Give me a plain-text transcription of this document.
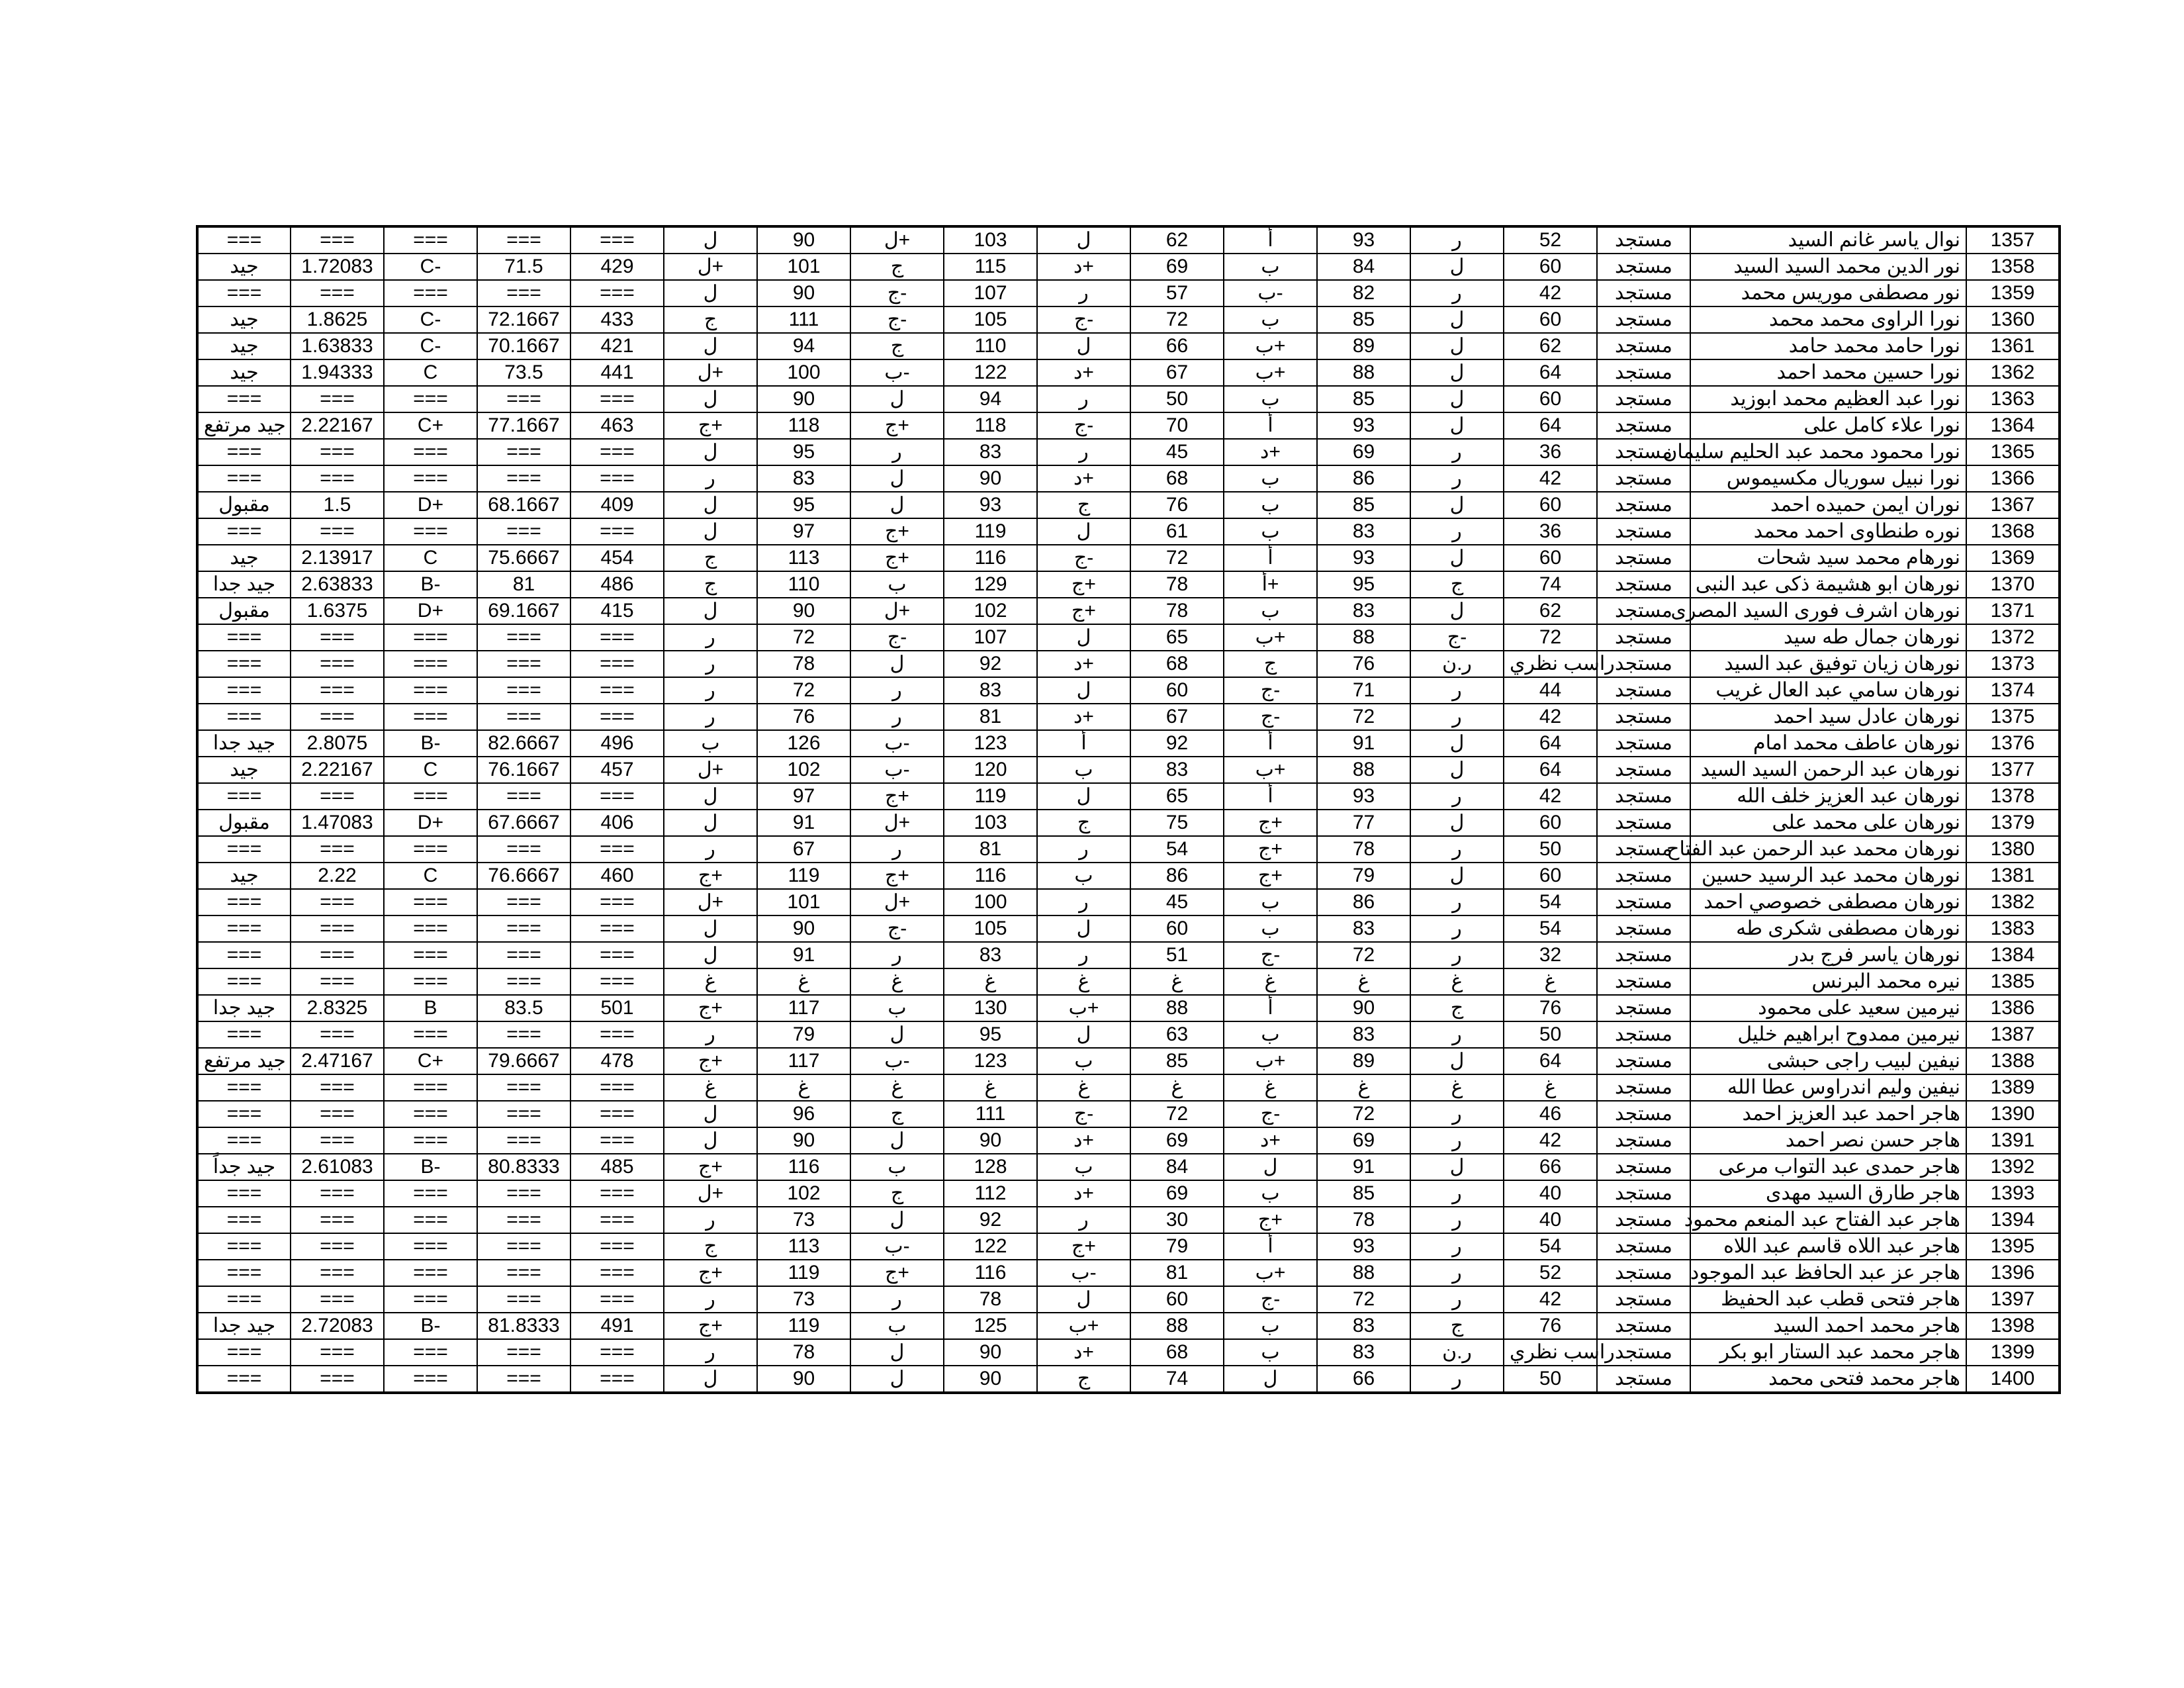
===	===	===	===	===	ل	90	ل+	103	ل	62	أ	93	ر	52	مستجد	نوال ياسر غانم السيد	1357
جيد	1.72083	C-	71.5	429	ل+	101	ج	115	د+	69	ب	84	ل	60	مستجد	نور الدين محمد السيد السيد	1358
===	===	===	===	===	ل	90	ج-	107	ر	57	ب-	82	ر	42	مستجد	نور مصطفى موريس محمد	1359
جيد	1.8625	C-	72.1667	433	ج	111	ج-	105	ج-	72	ب	85	ل	60	مستجد	نورا الراوى محمد محمد	1360
جيد	1.63833	C-	70.1667	421	ل	94	ج	110	ل	66	ب+	89	ل	62	مستجد	نورا حامد محمد حامد	1361
جيد	1.94333	C	73.5	441	ل+	100	ب-	122	د+	67	ب+	88	ل	64	مستجد	نورا حسين محمد احمد	1362
===	===	===	===	===	ل	90	ل	94	ر	50	ب	85	ل	60	مستجد	نورا عبد العظيم محمد ابوزيد	1363
جيد مرتفع	2.22167	C+	77.1667	463	ج+	118	ج+	118	ج-	70	أ	93	ل	64	مستجد	نورا علاء كامل على	1364
===	===	===	===	===	ل	95	ر	83	ر	45	د+	69	ر	36	مستجد	نورا محمود محمد عبد الحليم سليمان	1365
===	===	===	===	===	ر	83	ل	90	د+	68	ب	86	ر	42	مستجد	نورا نبيل سوريال مكسيموس	1366
مقبول	1.5	D+	68.1667	409	ل	95	ل	93	ج	76	ب	85	ل	60	مستجد	نوران ايمن حميده احمد	1367
===	===	===	===	===	ل	97	ج+	119	ل	61	ب	83	ر	36	مستجد	نوره طنطاوى احمد محمد	1368
جيد	2.13917	C	75.6667	454	ج	113	ج+	116	ج-	72	أ	93	ل	60	مستجد	نورهام محمد سيد شحات	1369
جيد جدا	2.63833	B-	81	486	ج	110	ب	129	ج+	78	أ+	95	ج	74	مستجد	نورهان ابو هشيمة ذكى عبد النبى	1370
مقبول	1.6375	D+	69.1667	415	ل	90	ل+	102	ج+	78	ب	83	ل	62	مستجد	نورهان اشرف فورى السيد المصرى	1371
===	===	===	===	===	ر	72	ج-	107	ل	65	ب+	88	ج-	72	مستجد	نورهان جمال طه سيد	1372
===	===	===	===	===	ر	78	ل	92	د+	68	ج	76	ر.ن	راسب نظري	مستجد	نورهان زيان توفيق عبد السيد	1373
===	===	===	===	===	ر	72	ر	83	ل	60	ج-	71	ر	44	مستجد	نورهان سامي عبد العال غريب	1374
===	===	===	===	===	ر	76	ر	81	د+	67	ج-	72	ر	42	مستجد	نورهان عادل سيد احمد	1375
جيد جدا	2.8075	B-	82.6667	496	ب	126	ب-	123	أ	92	أ	91	ل	64	مستجد	نورهان عاطف محمد امام	1376
جيد	2.22167	C	76.1667	457	ل+	102	ب-	120	ب	83	ب+	88	ل	64	مستجد	نورهان عبد الرحمن السيد السيد	1377
===	===	===	===	===	ل	97	ج+	119	ل	65	أ	93	ر	42	مستجد	نورهان عبد العزيز خلف الله	1378
مقبول	1.47083	D+	67.6667	406	ل	91	ل+	103	ج	75	ج+	77	ل	60	مستجد	نورهان على محمد على	1379
===	===	===	===	===	ر	67	ر	81	ر	54	ج+	78	ر	50	مستجد	نورهان محمد عبد الرحمن عبد الفتاح	1380
جيد	2.22	C	76.6667	460	ج+	119	ج+	116	ب	86	ج+	79	ل	60	مستجد	نورهان محمد عبد الرسيد حسين	1381
===	===	===	===	===	ل+	101	ل+	100	ر	45	ب	86	ر	54	مستجد	نورهان مصطفى خصوصي احمد	1382
===	===	===	===	===	ل	90	ج-	105	ل	60	ب	83	ر	54	مستجد	نورهان مصطفى شكرى طه	1383
===	===	===	===	===	ل	91	ر	83	ر	51	ج-	72	ر	32	مستجد	نورهان ياسر فرج بدر	1384
===	===	===	===	===	غ	غ	غ	غ	غ	غ	غ	غ	غ	غ	مستجد	نيره محمد البرنس	1385
جيد جدا	2.8325	B	83.5	501	ج+	117	ب	130	ب+	88	أ	90	ج	76	مستجد	نيرمين سعيد على محمود	1386
===	===	===	===	===	ر	79	ل	95	ل	63	ب	83	ر	50	مستجد	نيرمين ممدوح ابراهيم خليل	1387
جيد مرتفع	2.47167	C+	79.6667	478	ج+	117	ب-	123	ب	85	ب+	89	ل	64	مستجد	نيفين لبيب راجى حبشى	1388
===	===	===	===	===	غ	غ	غ	غ	غ	غ	غ	غ	غ	غ	مستجد	نيفين وليم اندراوس عطا الله	1389
===	===	===	===	===	ل	96	ج	111	ج-	72	ج-	72	ر	46	مستجد	هاجر احمد عبد العزيز احمد	1390
===	===	===	===	===	ل	90	ل	90	د+	69	د+	69	ر	42	مستجد	هاجر حسن نصر احمد	1391
جيد جداً	2.61083	B-	80.8333	485	ج+	116	ب	128	ب	84	ل	91	ل	66	مستجد	هاجر حمدى عبد التواب مرعى	1392
===	===	===	===	===	ل+	102	ج	112	د+	69	ب	85	ر	40	مستجد	هاجر طارق السيد مهدى	1393
===	===	===	===	===	ر	73	ل	92	ر	30	ج+	78	ر	40	مستجد	هاجر عبد الفتاح عبد المنعم محمود	1394
===	===	===	===	===	ج	113	ب-	122	ج+	79	أ	93	ر	54	مستجد	هاجر عبد اللاه قاسم عبد اللاه	1395
===	===	===	===	===	ج+	119	ج+	116	ب-	81	ب+	88	ر	52	مستجد	هاجر عز عبد الحافظ عبد الموجود	1396
===	===	===	===	===	ر	73	ر	78	ل	60	ج-	72	ر	42	مستجد	هاجر فتحى قطب عبد الحفيظ	1397
جيد جدا	2.72083	B-	81.8333	491	ج+	119	ب	125	ب+	88	ب	83	ج	76	مستجد	هاجر محمد احمد السيد	1398
===	===	===	===	===	ر	78	ل	90	د+	68	ب	83	ر.ن	راسب نظري	مستجد	هاجر محمد عبد الستار ابو بكر	1399
===	===	===	===	===	ل	90	ل	90	ج	74	ل	66	ر	50	مستجد	هاجر محمد فتحى محمد	1400
